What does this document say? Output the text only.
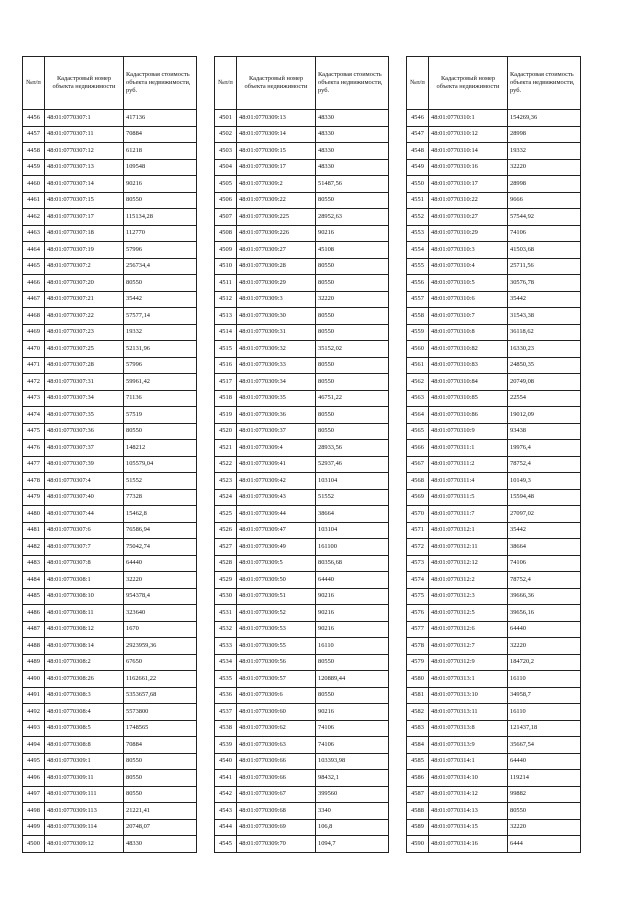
№п/п	Кадастровый номер объекта недвижимости	Кадастровая стоимость объекта недвижимости, руб.
4456	48:01:0770307:1	417136
4457	48:01:0770307:11	70884
4458	48:01:0770307:12	61218
4459	48:01:0770307:13	109548
4460	48:01:0770307:14	90216
4461	48:01:0770307:15	80550
4462	48:01:0770307:17	115134,28
4463	48:01:0770307:18	112770
4464	48:01:0770307:19	57996
4465	48:01:0770307:2	256734,4
4466	48:01:0770307:20	80550
4467	48:01:0770307:21	35442
4468	48:01:0770307:22	57577,14
4469	48:01:0770307:23	19332
4470	48:01:0770307:25	52131,96
4471	48:01:0770307:28	57996
4472	48:01:0770307:31	59961,42
4473	48:01:0770307:34	71136
4474	48:01:0770307:35	57519
4475	48:01:0770307:36	80550
4476	48:01:0770307:37	148212
4477	48:01:0770307:39	105579,04
4478	48:01:0770307:4	51552
4479	48:01:0770307:40	77328
4480	48:01:0770307:44	15462,8
4481	48:01:0770307:6	76586,94
4482	48:01:0770307:7	75042,74
4483	48:01:0770307:8	64440
4484	48:01:0770308:1	32220
4485	48:01:0770308:10	954378,4
4486	48:01:0770308:11	323640
4487	48:01:0770308:12	1670
4488	48:01:0770308:14	2923959,36
4489	48:01:0770308:2	67650
4490	48:01:0770308:26	1162661,22
4491	48:01:0770308:3	5353657,68
4492	48:01:0770308:4	5573800
4493	48:01:0770308:5	1748565
4494	48:01:0770308:8	70884
4495	48:01:0770309:1	80550
4496	48:01:0770309:11	80550
4497	48:01:0770309:111	80550
4498	48:01:0770309:113	21221,41
4499	48:01:0770309:114	20748,07
4500	48:01:0770309:12	48330
№п/п	Кадастровый номер объекта недвижимости	Кадастровая стоимость объекта недвижимости, руб.
4501	48:01:0770309:13	48330
4502	48:01:0770309:14	48330
4503	48:01:0770309:15	48330
4504	48:01:0770309:17	48330
4505	48:01:0770309:2	51487,56
4506	48:01:0770309:22	80550
4507	48:01:0770309:225	28952,63
4508	48:01:0770309:226	90216
4509	48:01:0770309:27	45108
4510	48:01:0770309:28	80550
4511	48:01:0770309:29	80550
4512	48:01:0770309:3	32220
4513	48:01:0770309:30	80550
4514	48:01:0770309:31	80550
4515	48:01:0770309:32	35152,02
4516	48:01:0770309:33	80550
4517	48:01:0770309:34	80550
4518	48:01:0770309:35	46751,22
4519	48:01:0770309:36	80550
4520	48:01:0770309:37	80550
4521	48:01:0770309:4	28933,56
4522	48:01:0770309:41	52937,46
4523	48:01:0770309:42	103104
4524	48:01:0770309:43	51552
4525	48:01:0770309:44	38664
4526	48:01:0770309:47	103104
4527	48:01:0770309:49	161100
4528	48:01:0770309:5	80356,68
4529	48:01:0770309:50	64440
4530	48:01:0770309:51	90216
4531	48:01:0770309:52	90216
4532	48:01:0770309:53	90216
4533	48:01:0770309:55	16110
4534	48:01:0770309:56	80550
4535	48:01:0770309:57	120889,44
4536	48:01:0770309:6	80550
4537	48:01:0770309:60	90216
4538	48:01:0770309:62	74106
4539	48:01:0770309:63	74106
4540	48:01:0770309:66	103393,98
4541	48:01:0770309:66	98432,1
4542	48:01:0770309:67	399560
4543	48:01:0770309:68	3340
4544	48:01:0770309:69	106,8
4545	48:01:0770309:70	1094,7
№п/п	Кадастровый номер объекта недвижимости	Кадастровая стоимость объекта недвижимости, руб.
4546	48:01:0770310:1	154269,36
4547	48:01:0770310:12	28998
4548	48:01:0770310:14	19332
4549	48:01:0770310:16	32220
4550	48:01:0770310:17	28998
4551	48:01:0770310:22	9666
4552	48:01:0770310:27	57544,92
4553	48:01:0770310:29	74106
4554	48:01:0770310:3	41503,68
4555	48:01:0770310:4	25711,56
4556	48:01:0770310:5	30576,78
4557	48:01:0770310:6	35442
4558	48:01:0770310:7	31543,38
4559	48:01:0770310:8	36118,62
4560	48:01:0770310:82	16330,23
4561	48:01:0770310:83	24850,35
4562	48:01:0770310:84	20749,08
4563	48:01:0770310:85	22554
4564	48:01:0770310:86	19012,09
4565	48:01:0770310:9	93438
4566	48:01:0770311:1	19976,4
4567	48:01:0770311:2	78752,4
4568	48:01:0770311:4	10149,3
4569	48:01:0770311:5	15594,48
4570	48:01:0770311:7	27097,02
4571	48:01:0770312:1	35442
4572	48:01:0770312:11	38664
4573	48:01:0770312:12	74106
4574	48:01:0770312:2	78752,4
4575	48:01:0770312:3	39666,36
4576	48:01:0770312:5	39656,16
4577	48:01:0770312:6	64440
4578	48:01:0770312:7	32220
4579	48:01:0770312:9	184720,2
4580	48:01:0770313:1	16110
4581	48:01:0770313:10	34958,7
4582	48:01:0770313:11	16110
4583	48:01:0770313:8	121437,18
4584	48:01:0770313:9	35667,54
4585	48:01:0770314:1	64440
4586	48:01:0770314:10	119214
4587	48:01:0770314:12	99882
4588	48:01:0770314:13	80550
4589	48:01:0770314:15	32220
4590	48:01:0770314:16	6444
